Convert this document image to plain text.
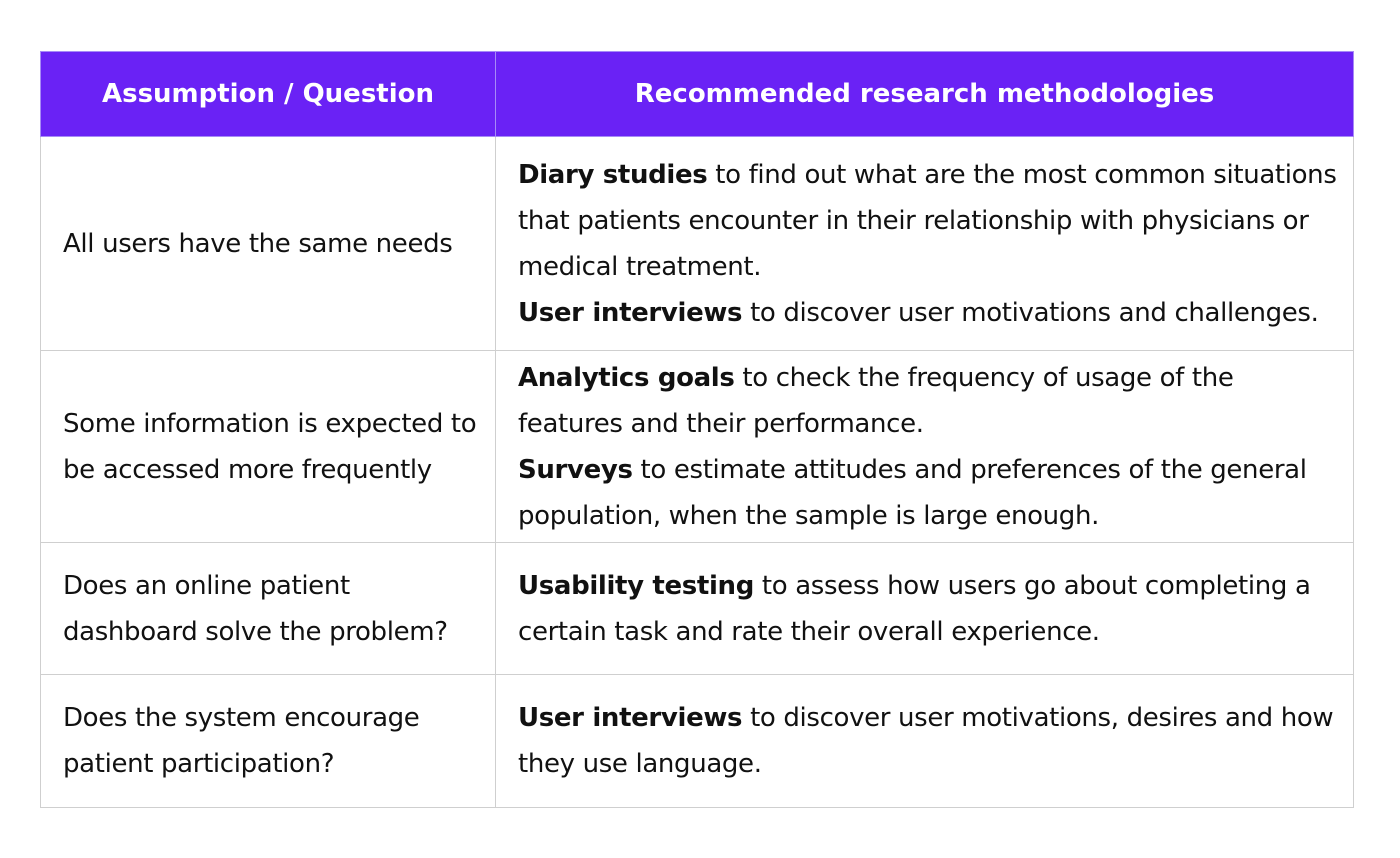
Assumption / Question	Recommended research methodologies
All users have the same needs	Diary studies to find out what are the most common situations that patients encounter in their relationship with physicians or medical treatment.
User interviews to discover user motivations and challenges.

Some information is expected to be accessed more frequently	Analytics goals to check the frequency of usage of the features and their performance.
Surveys to estimate attitudes and preferences of the general population, when the sample is large enough.

Does an online patient dashboard solve the problem?	Usability testing to assess how users go about completing a certain task and rate their overall experience.

Does the system encourage patient participation?	User interviews to discover user motivations, desires and how they use language.
